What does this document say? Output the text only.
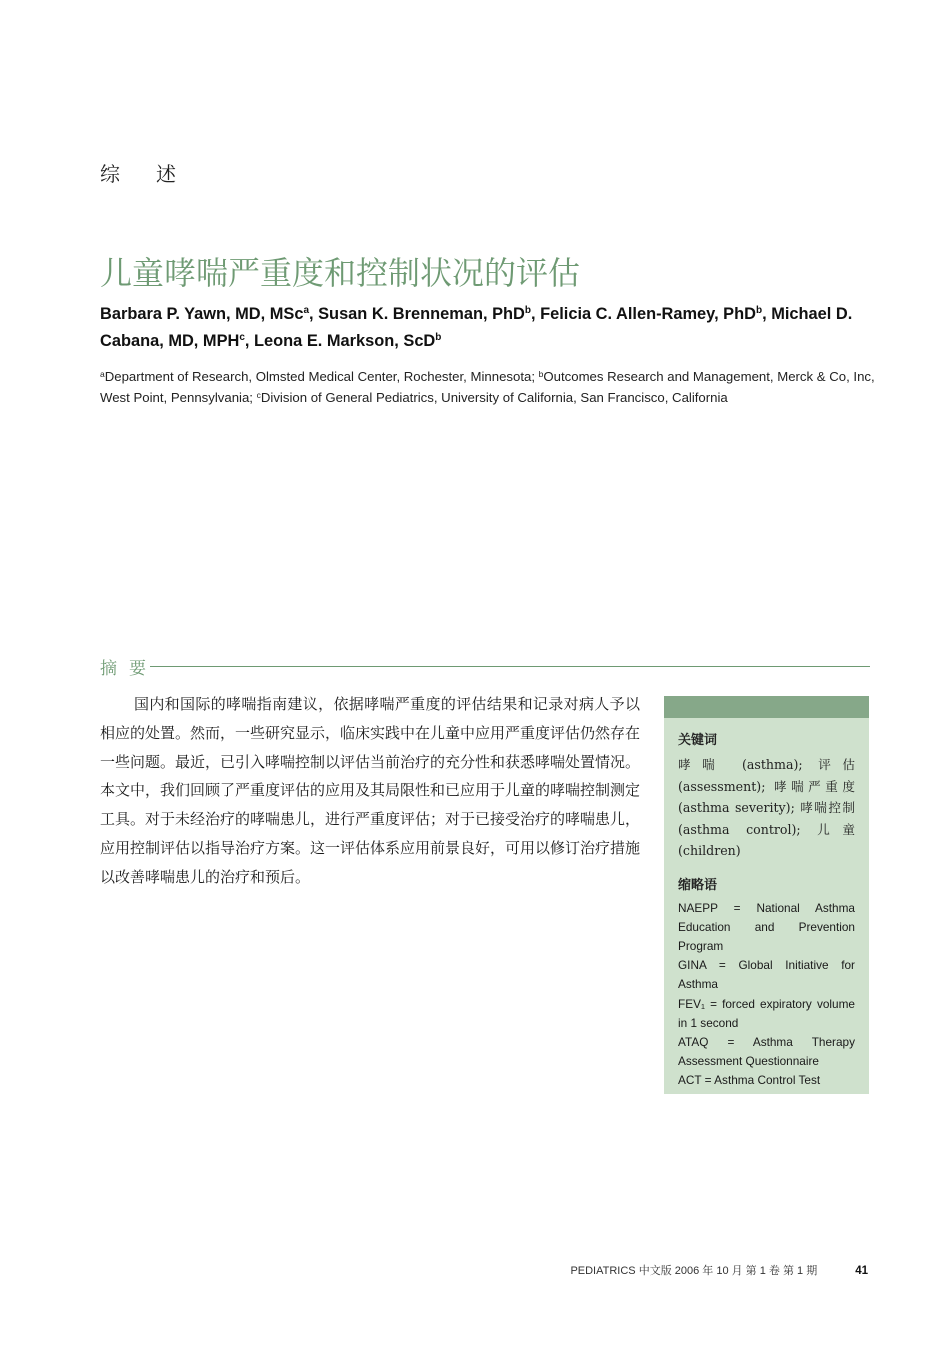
综述
儿童哮喘严重度和控制状况的评估
Barbara P. Yawn, MD, MSc$^a$, Susan K. Brenneman, PhD$^b$, Felicia C. Allen-Ramey, PhD$^b$, Michael D. Cabana, MD, MPH$^c$, Leona E. Markson, ScD$^b$
$^a$Department of Research, Olmsted Medical Center, Rochester, Minnesota; $^b$Outcomes Research and Management, Merck & Co, Inc, West Point, Pennsylvania; $^c$Division of General Pediatrics, University of California, San Francisco, California
摘要

国内和国际的哮喘指南建议，依据哮喘严重度的评估结果和记录对病人予以相应的处置。然而，一些研究显示，临床实践中在儿童中应用严重度评估仍然存在一些问题。最近，已引入哮喘控制以评估当前治疗的充分性和获悉哮喘处置情况。本文中，我们回顾了严重度评估的应用及其局限性和已应用于儿童的哮喘控制测定工具。对于未经治疗的哮喘患儿，进行严重度评估；对于已接受治疗的哮喘患儿，应用控制评估以指导治疗方案。这一评估体系应用前景良好，可用以修订治疗措施以改善哮喘患儿的治疗和预后。

关键词

哮喘 (asthma); 评估 (assessment); 哮喘严重度 (asthma severity); 哮喘控制 (asthma control); 儿童 (children)

缩略语
NAEPP = National Asthma Education and Prevention Program
GINA = Global Initiative for Asthma
FEV₁ = forced expiratory volume in 1 second
ATAQ = Asthma Therapy Assessment Questionnaire
ACT = Asthma Control Test
PEDIATRICS 中文版 2006 年 10 月 第 1 卷 第 1 期	41
